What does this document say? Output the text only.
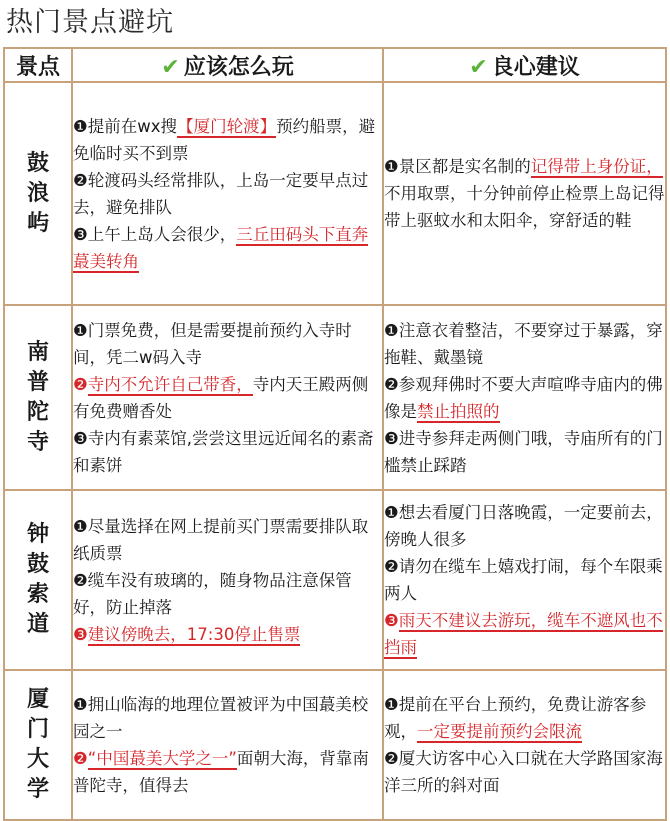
热门景点避坑
景点	✔ 应该怎么玩	✔ 良心建议

鼓
浪
屿	❶提前在wx搜【厦门轮渡】预约船票，避免临时买不到票
❷轮渡码头经常排队，上岛一定要早点过去，避免排队
❸上午上岛人会很少，三丘田码头下直奔蕞美转角	❶景区都是实名制的记得带上身份证，不用取票，十分钟前停止检票上岛记得带上驱蚊水和太阳伞，穿舒适的鞋

南
普
陀
寺	❶门票免费，但是需要提前预约入寺时间，凭二w码入寺
❷寺内不允许自己带香，寺内天王殿两侧有免费赠香处
❸寺内有素菜馆,尝尝这里远近闻名的素斋和素饼	❶注意衣着整洁，不要穿过于暴露，穿拖鞋、戴墨镜
❷参观拜佛时不要大声喧哗寺庙内的佛像是禁止拍照的
❸进寺参拜走两侧门哦，寺庙所有的门槛禁止踩踏

钟
鼓
索
道	❶尽量选择在网上提前买门票需要排队取纸质票
❷缆车没有玻璃的，随身物品注意保管好，防止掉落
❸建议傍晚去，17:30停止售票	❶想去看厦门日落晚霞，一定要前去，傍晚人很多
❷请勿在缆车上嬉戏打闹，每个车限乘两人
❸雨天不建议去游玩，缆车不遮风也不挡雨

厦
门
大
学	❶拥山临海的地理位置被评为中国蕞美校园之一
❷“中国蕞美大学之一”面朝大海，背靠南普陀寺，值得去	❶提前在平台上预约，免费让游客参观，一定要提前预约会限流
❷厦大访客中心入口就在大学路国家海洋三所的斜对面
